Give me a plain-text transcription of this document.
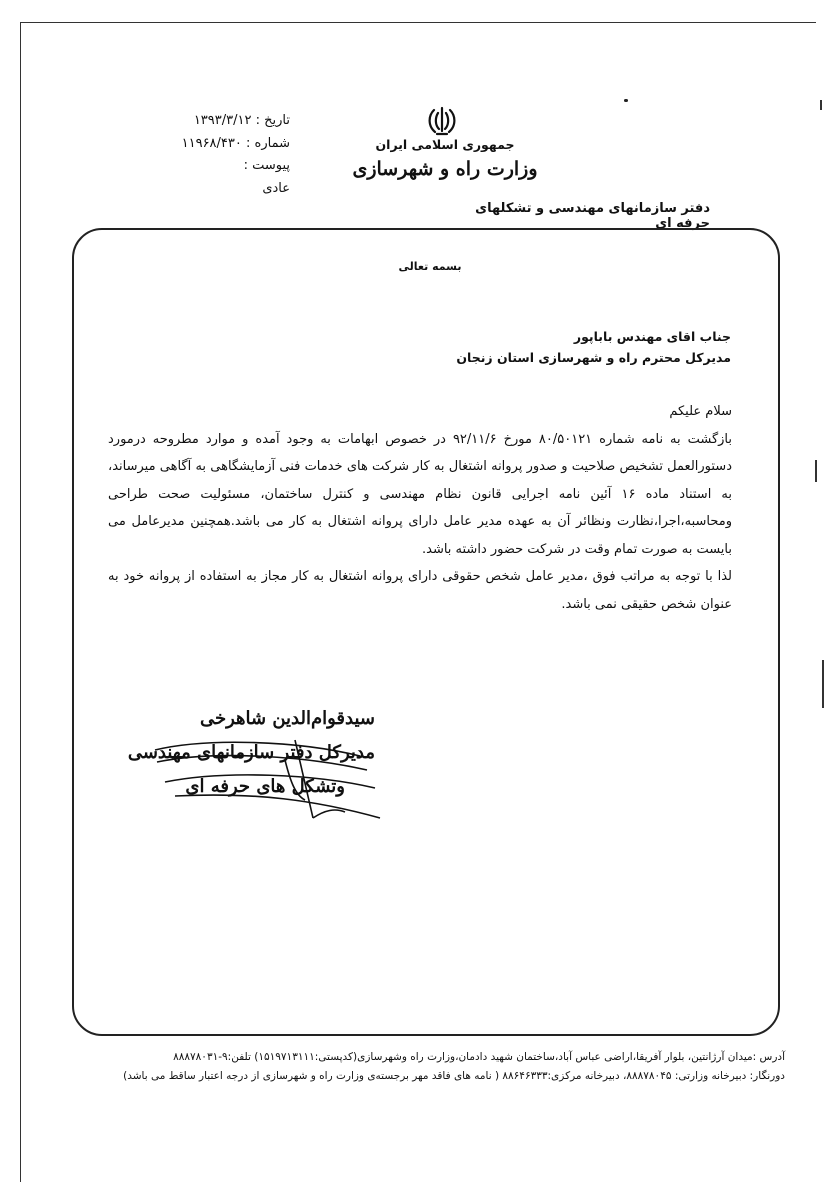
تاریخ : ۱۳۹۳/۳/۱۲
شماره : ۱۱۹۶۸/۴۳۰
پیوست :
عادی
جمهوری اسلامی ایران
وزارت راه و شهرسازی
دفتر سازمانهای مهندسی و تشکلهای حرفه ای
بسمه تعالی
جناب اقای مهندس باباپور
مدیرکل محترم راه و شهرسازی استان زنجان

سلام علیکم

بازگشت به نامه شماره ۸۰/۵۰۱۲۱ مورخ ۹۲/۱۱/۶ در خصوص ابهامات به وجود آمده و موارد مطروحه درمورد دستورالعمل تشخیص صلاحیت و صدور پروانه اشتغال به کار شرکت های خدمات فنی آزمایشگاهی به آگاهی میرساند، به استناد ماده ۱۶ آئین نامه اجرایی قانون نظام مهندسی و کنترل ساختمان، مسئولیت صحت طراحی ومحاسبه،اجرا،نظارت ونظائر آن به عهده مدیر عامل دارای پروانه اشتغال به کار می باشد.همچنین مدیرعامل می بایست به صورت تمام وقت در شرکت حضور داشته باشد.

لذا با توجه به مراتب فوق ،مدیر عامل شخص حقوقی دارای پروانه اشتغال به کار مجاز به استفاده از پروانه خود به عنوان شخص حقیقی نمی باشد.

سیدقوام‌الدین شاهرخی
مدیرکل دفتر سازمانهای مهندسی
وتشکل های حرفه ای
آدرس :میدان آرژانتین، بلوار آفریقا،اراضی عباس آباد،ساختمان شهید دادمان،وزارت راه وشهرسازی(کدپستی:۱۵۱۹۷۱۳۱۱۱) تلفن:۹-۸۸۸۷۸۰۳۱
دورنگار: دبیرخانه وزارتی: ۸۸۸۷۸۰۴۵، دبیرخانه مرکزی:۸۸۶۴۶۳۳۳ ( نامه های فاقد مهر برجسته‌ی وزارت راه و شهرسازی از درجه اعتبار ساقط می باشد)
